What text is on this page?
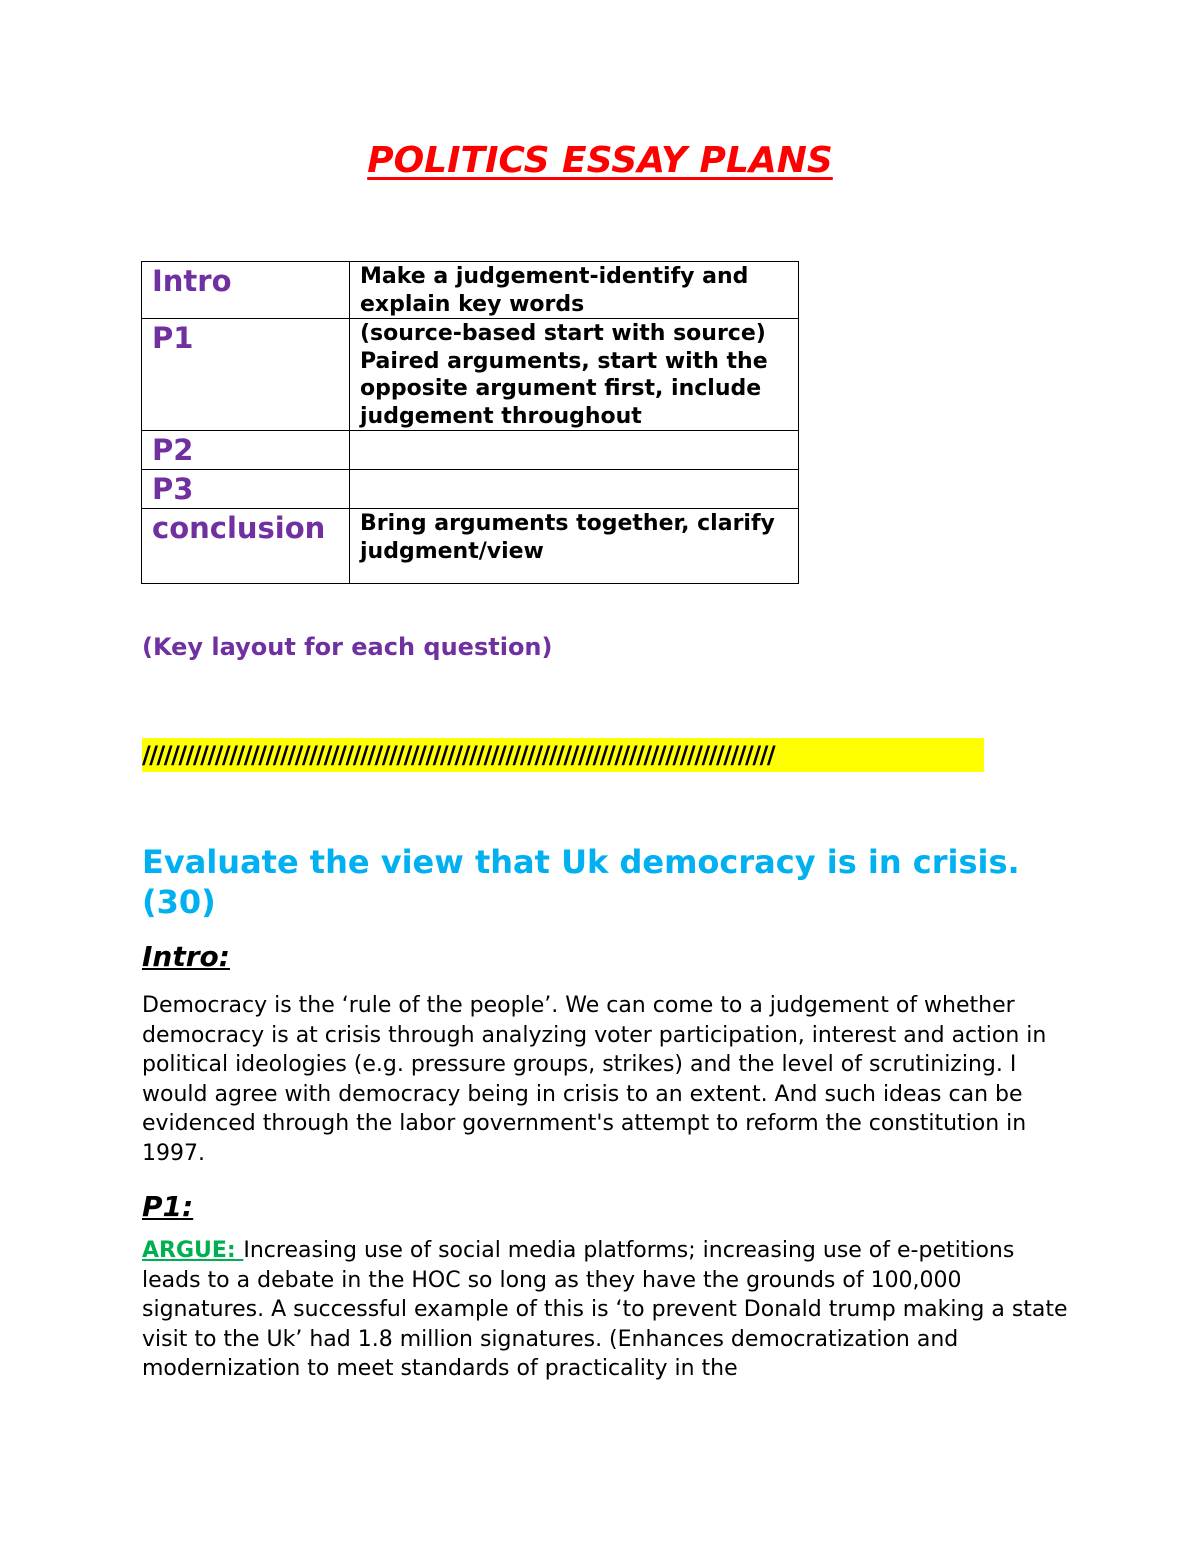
POLITICS ESSAY PLANS
Intro	Make a judgement-identify and explain key words
P1	(source-based start with source) Paired arguments, start with the opposite argument first, include judgement throughout
P2	
P3	
conclusion	Bring arguments together, clarify judgment/view

(Key layout for each question)

///////////////////////////////////////////////////////////////////////////////////////
Evaluate the view that Uk democracy is in crisis. (30)
Intro:

Democracy is the ‘rule of the people’. We can come to a judgement of whether democracy is at crisis through analyzing voter participation, interest and action in political ideologies (e.g. pressure groups, strikes) and the level of scrutinizing. I would agree with democracy being in crisis to an extent. And such ideas can be evidenced through the labor government's attempt to reform the constitution in 1997.

P1:

ARGUE: Increasing use of social media platforms; increasing use of e-petitions leads to a debate in the HOC so long as they have the grounds of 100,000 signatures. A successful example of this is ‘to prevent Donald trump making a state visit to the Uk’ had 1.8 million signatures. (Enhances democratization and modernization to meet standards of practicality in the
